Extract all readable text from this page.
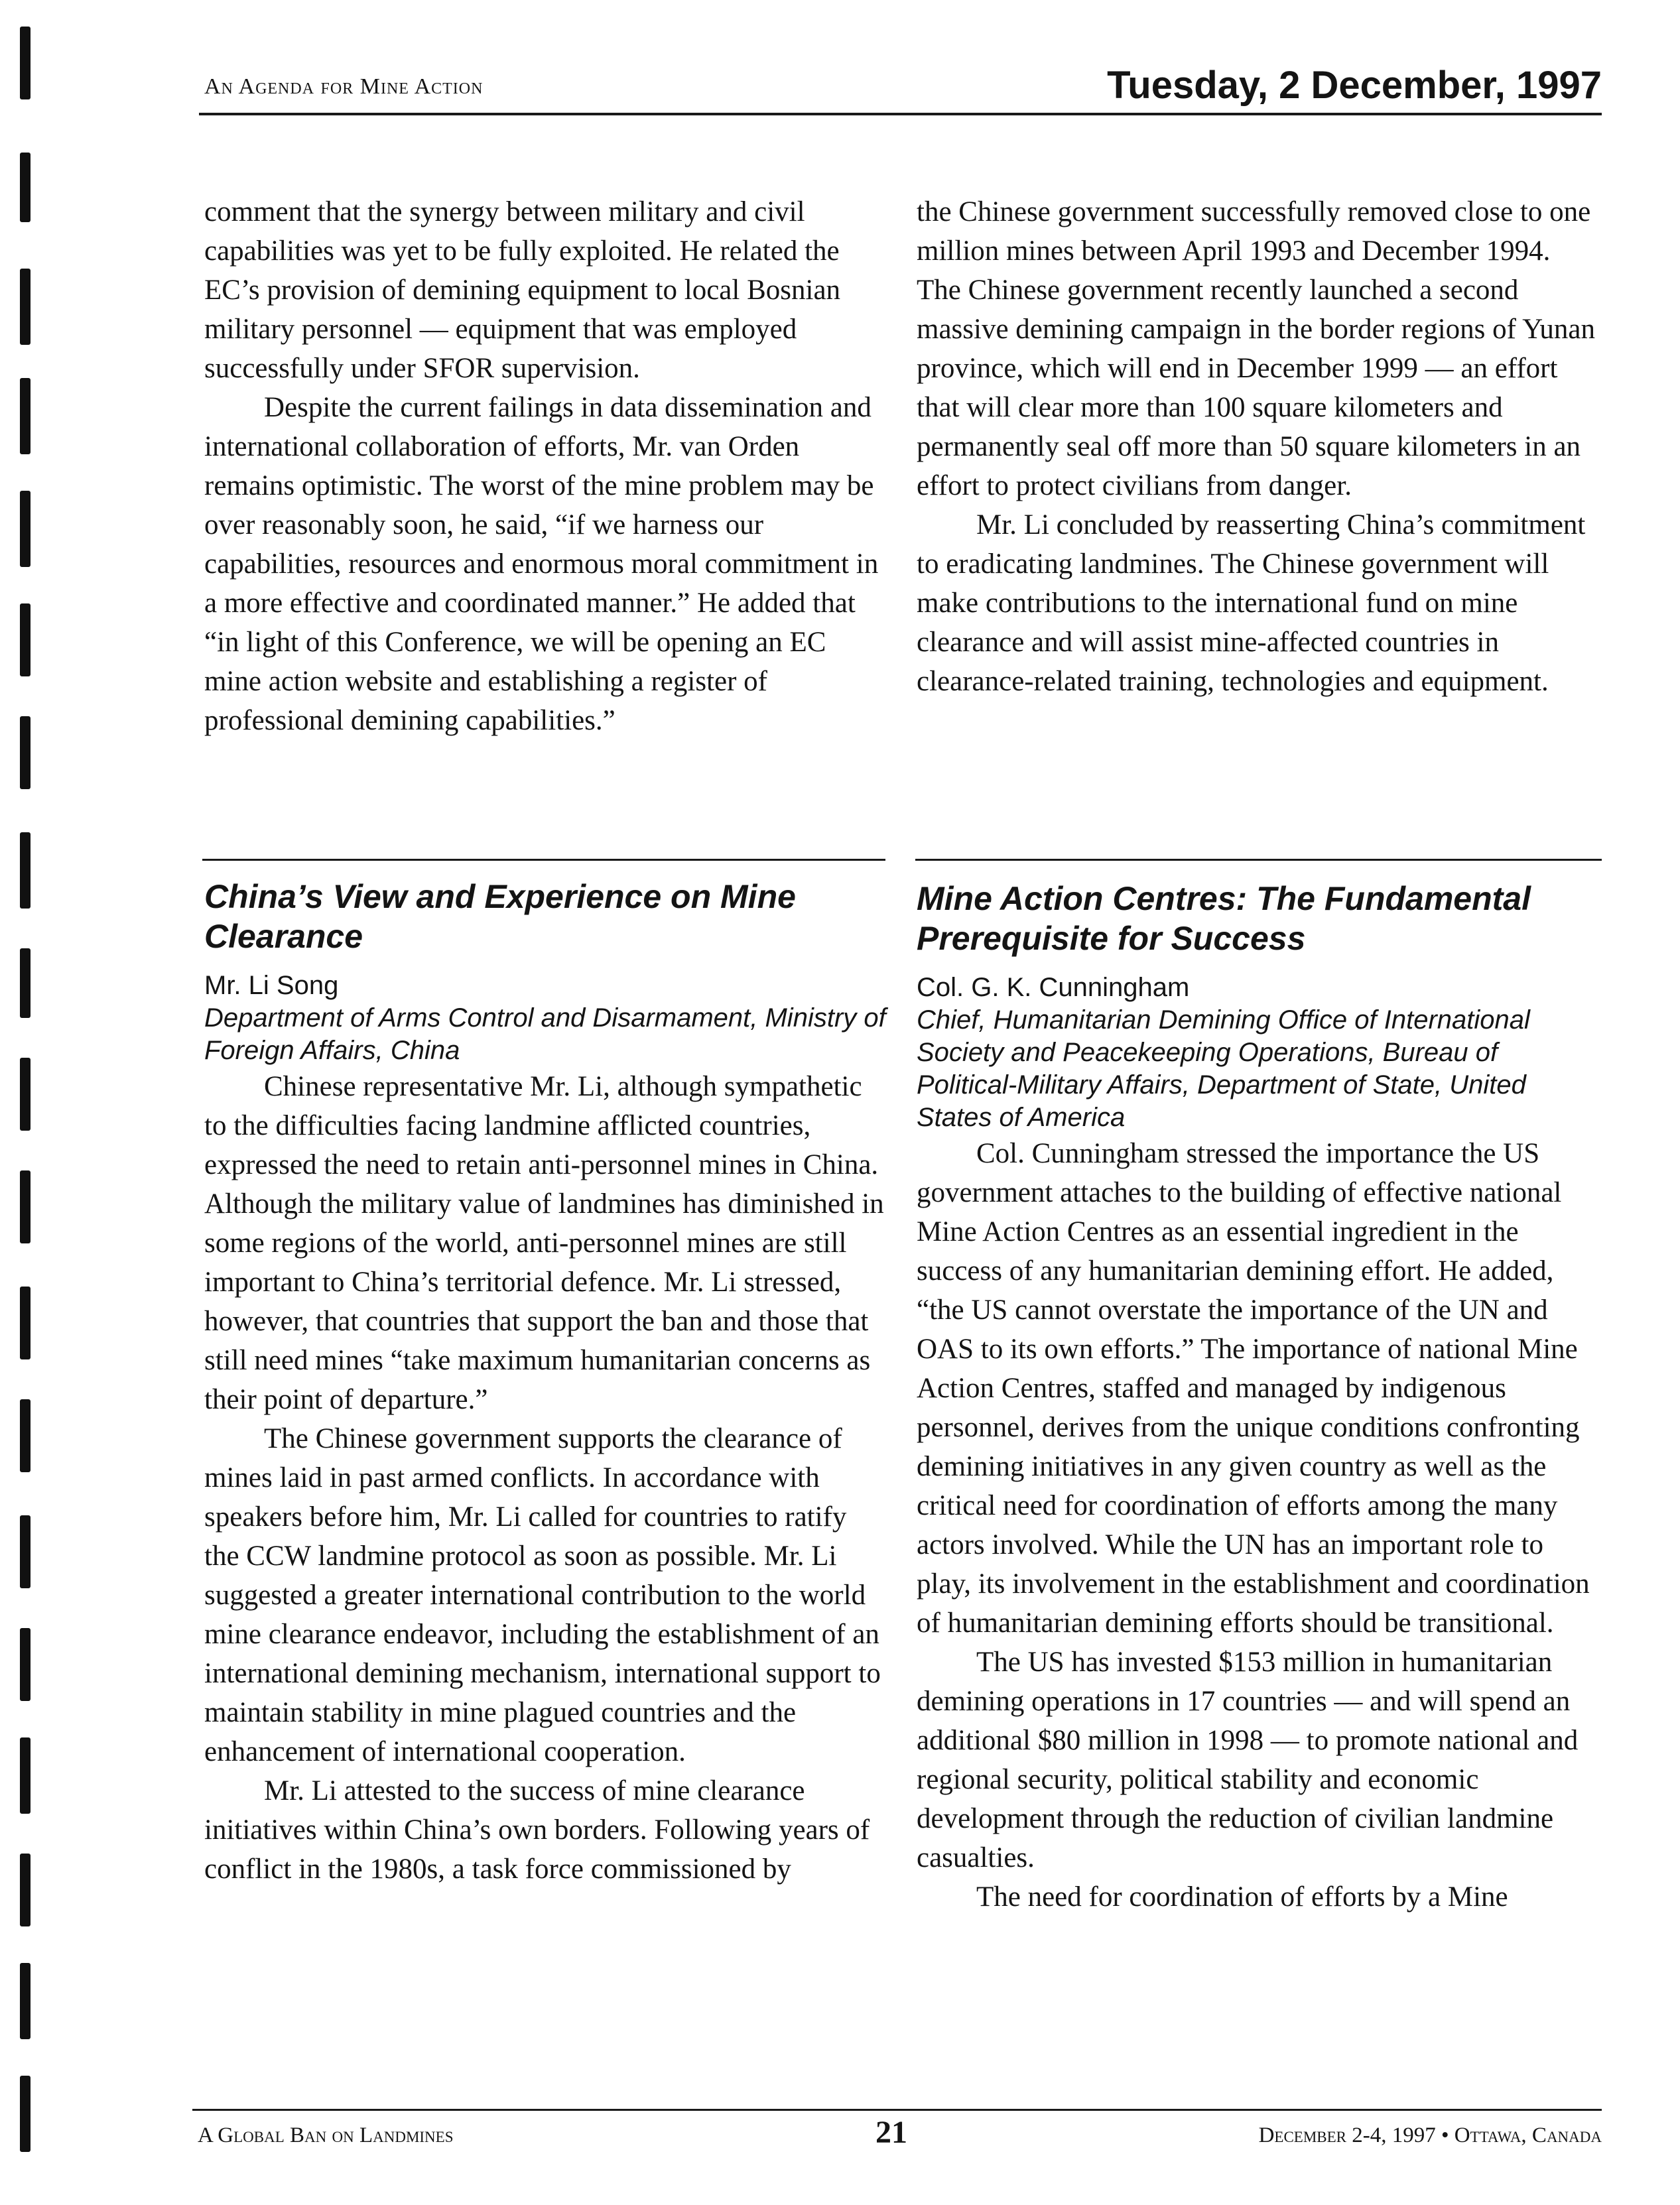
An Agenda for Mine Action	Tuesday, 2 December, 1997

comment that the synergy between military and civil capabilities was yet to be fully exploited. He related the EC’s provision of demining equipment to local Bosnian military personnel — equipment that was employed successfully under SFOR supervision.

Despite the current failings in data dissemination and international collaboration of efforts, Mr. van Orden remains optimistic. The worst of the mine problem may be over reasonably soon, he said, “if we harness our capabilities, resources and enormous moral commitment in a more effective and coordinated manner.” He added that “in light of this Conference, we will be opening an EC mine action website and establishing a register of professional demining capabilities.”

the Chinese government successfully removed close to one million mines between April 1993 and December 1994. The Chinese government recently launched a second massive demining campaign in the border regions of Yunan province, which will end in December 1999 — an effort that will clear more than 100 square kilometers and permanently seal off more than 50 square kilometers in an effort to protect civilians from danger.

Mr. Li concluded by reasserting China’s commitment to eradicating landmines. The Chinese government will make contributions to the international fund on mine clearance and will assist mine-affected countries in clearance-related training, technologies and equipment.

China’s View and Experience on Mine Clearance

Mr. Li Song

Department of Arms Control and Disarmament, Ministry of Foreign Affairs, China

Chinese representative Mr. Li, although sympathetic to the difficulties facing landmine afflicted countries, expressed the need to retain anti-personnel mines in China. Although the military value of landmines has diminished in some regions of the world, anti-personnel mines are still important to China’s territorial defence. Mr. Li stressed, however, that countries that support the ban and those that still need mines “take maximum humanitarian concerns as their point of departure.”

The Chinese government supports the clearance of mines laid in past armed conflicts. In accordance with speakers before him, Mr. Li called for countries to ratify the CCW landmine protocol as soon as possible. Mr. Li suggested a greater international contribution to the world mine clearance endeavor, including the establishment of an international demining mechanism, international support to maintain stability in mine plagued countries and the enhancement of international cooperation.

Mr. Li attested to the success of mine clearance initiatives within China’s own borders. Following years of conflict in the 1980s, a task force commissioned by

Mine Action Centres: The Fundamental Prerequisite for Success

Col. G. K. Cunningham

Chief, Humanitarian Demining Office of International Society and Peacekeeping Operations, Bureau of Political-Military Affairs, Department of State, United States of America

Col. Cunningham stressed the importance the US government attaches to the building of effective national Mine Action Centres as an essential ingredient in the success of any humanitarian demining effort. He added, “the US cannot overstate the importance of the UN and OAS to its own efforts.” The importance of national Mine Action Centres, staffed and managed by indigenous personnel, derives from the unique conditions confronting demining initiatives in any given country as well as the critical need for coordination of efforts among the many actors involved. While the UN has an important role to play, its involvement in the establishment and coordination of humanitarian demining efforts should be transitional.

The US has invested $153 million in humanitarian demining operations in 17 countries — and will spend an additional $80 million in 1998 — to promote national and regional security, political stability and economic development through the reduction of civilian landmine casualties.

The need for coordination of efforts by a Mine

A Global Ban on Landmines	21	December 2-4, 1997 • Ottawa, Canada
